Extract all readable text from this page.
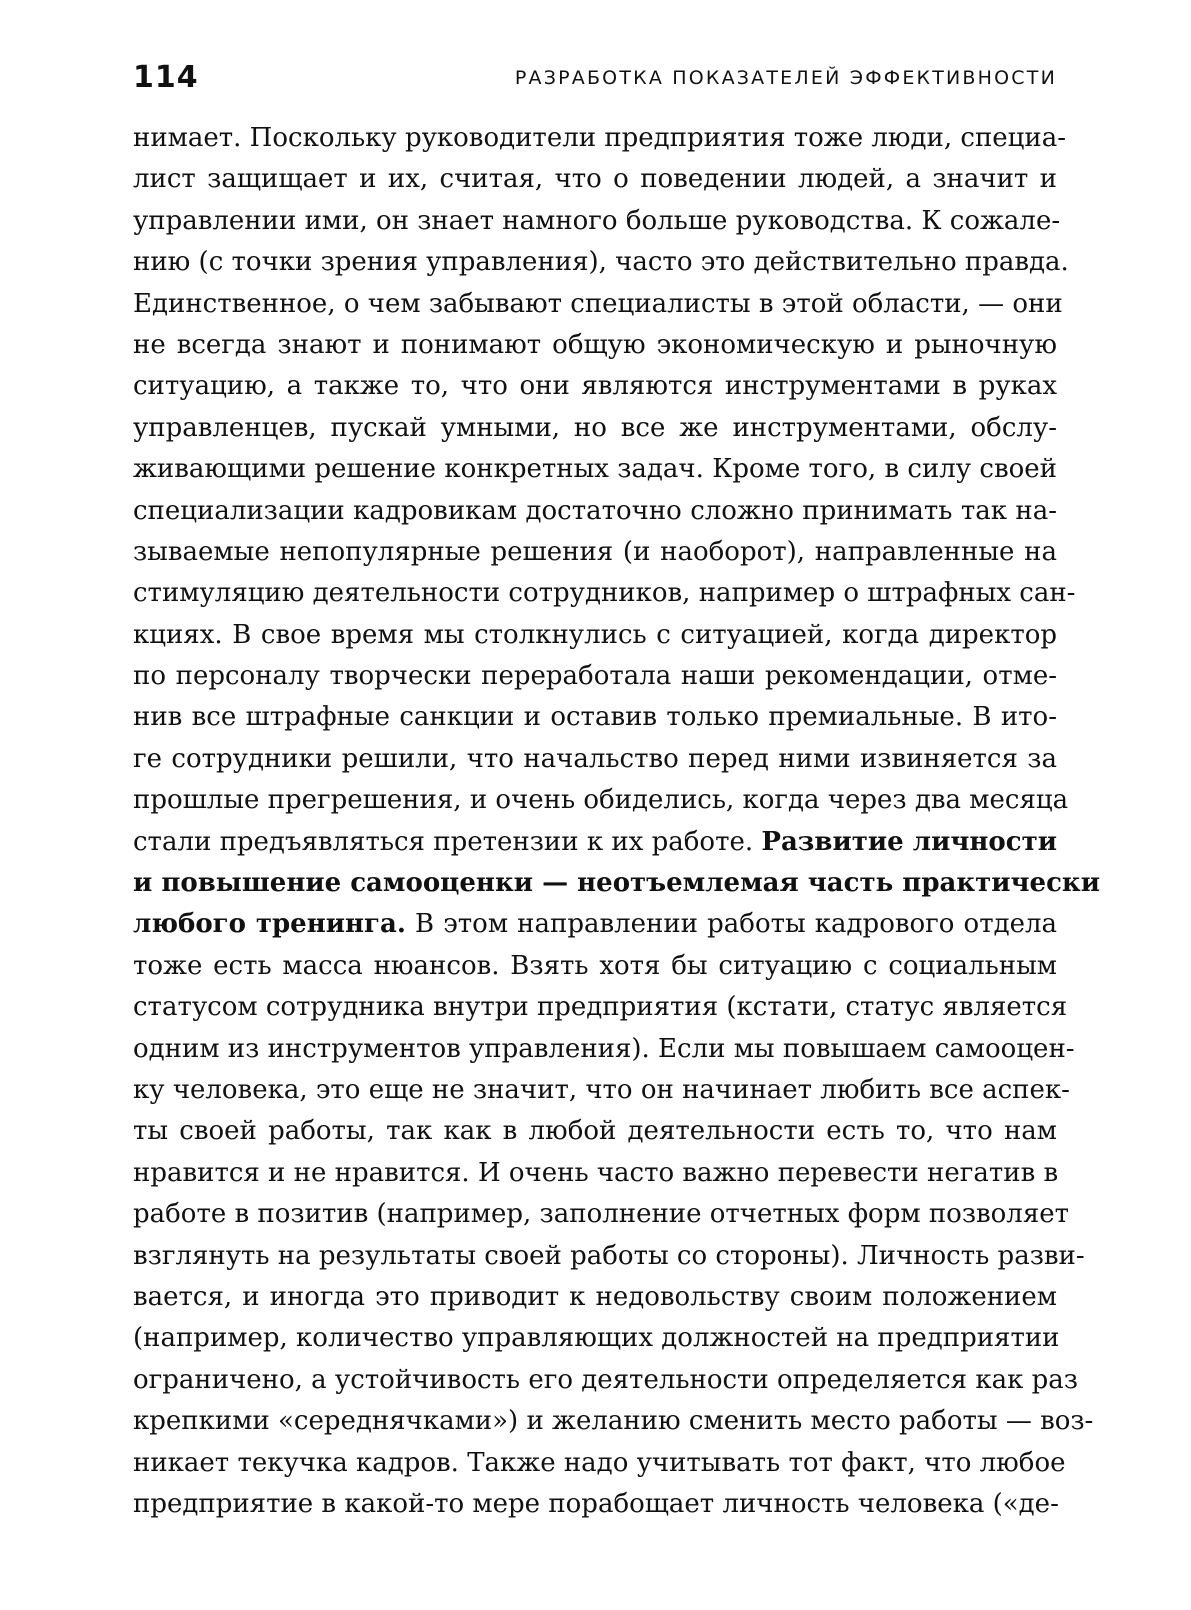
114	РАЗРАБОТКА ПОКАЗАТЕЛЕЙ ЭФФЕКТИВНОСТИ
нимает. Поскольку руководители предприятия тоже люди, специа-
лист защищает и их, считая, что о поведении людей, а значит и
управлении ими, он знает намного больше руководства. К сожале-
нию (с точки зрения управления), часто это действительно правда.
Единственное, о чем забывают специалисты в этой области, — они
не всегда знают и понимают общую экономическую и рыночную
ситуацию, а также то, что они являются инструментами в руках
управленцев, пускай умными, но все же инструментами, обслу-
живающими решение конкретных задач. Кроме того, в силу своей
специализации кадровикам достаточно сложно принимать так на-
зываемые непопулярные решения (и наоборот), направленные на
стимуляцию деятельности сотрудников, например о штрафных сан-
кциях. В свое время мы столкнулись с ситуацией, когда директор
по персоналу творчески переработала наши рекомендации, отме-
нив все штрафные санкции и оставив только премиальные. В ито-
ге сотрудники решили, что начальство перед ними извиняется за
прошлые прегрешения, и очень обиделись, когда через два месяца
стали предъявляться претензии к их работе. Развитие личности
и повышение самооценки — неотъемлемая часть практически
любого тренинга. В этом направлении работы кадрового отдела
тоже есть масса нюансов. Взять хотя бы ситуацию с социальным
статусом сотрудника внутри предприятия (кстати, статус является
одним из инструментов управления). Если мы повышаем самооцен-
ку человека, это еще не значит, что он начинает любить все аспек-
ты своей работы, так как в любой деятельности есть то, что нам
нравится и не нравится. И очень часто важно перевести негатив в
работе в позитив (например, заполнение отчетных форм позволяет
взглянуть на результаты своей работы со стороны). Личность разви-
вается, и иногда это приводит к недовольству своим положением
(например, количество управляющих должностей на предприятии
ограничено, а устойчивость его деятельности определяется как раз
крепкими «середнячками») и желанию сменить место работы — воз-
никает текучка кадров. Также надо учитывать тот факт, что любое
предприятие в какой-то мере порабощает личность человека («де-
